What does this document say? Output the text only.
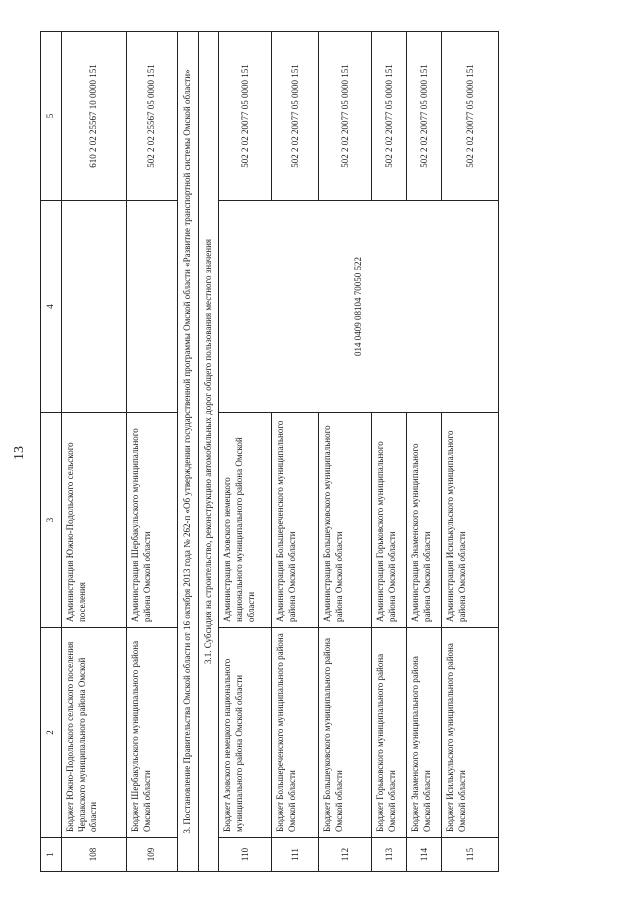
13
1	2	3	4	5
108	Бюджет Южно-Подольского сельского поселения Черлакского муниципального района Омской области	Администрация Южно-Подольского сельского поселения		610 2 02 25567 10 0000 151
109	Бюджет Шербакульского муниципального района Омской области	Администрация Шербакульского муниципального района Омской области		502 2 02 25567 05 0000 151
3. Постановление Правительства Омской области от 16 октября 2013 года № 262-п «Об утверждении государственной программы Омской области «Развитие транспортной системы Омской области»				
3.1. Субсидия на строительство, реконструкцию автомобильных дорог общего пользования местного значения				
110	Бюджет Азовского немецкого национального муниципального района Омской области	Администрация Азовского немецкого национального муниципального района Омской области	014 0409 08104 70050 522	502 2 02 20077 05 0000 151
111	Бюджет Большереченского муниципального района Омской области	Администрация Большереченского муниципального района Омской области		502 2 02 20077 05 0000 151
112	Бюджет Большеуковского муниципального района Омской области	Администрация Большеуковского муниципального района Омской области		502 2 02 20077 05 0000 151
113	Бюджет Горьковского муниципального района Омской области	Администрация Горьковского муниципального района Омской области		502 2 02 20077 05 0000 151
114	Бюджет Знаменского муниципального района Омской области	Администрация Знаменского муниципального района Омской области		502 2 02 20077 05 0000 151
115	Бюджет Исилькульского муниципального района Омской области	Администрация Исилькульского муниципального района Омской области		502 2 02 20077 05 0000 151
